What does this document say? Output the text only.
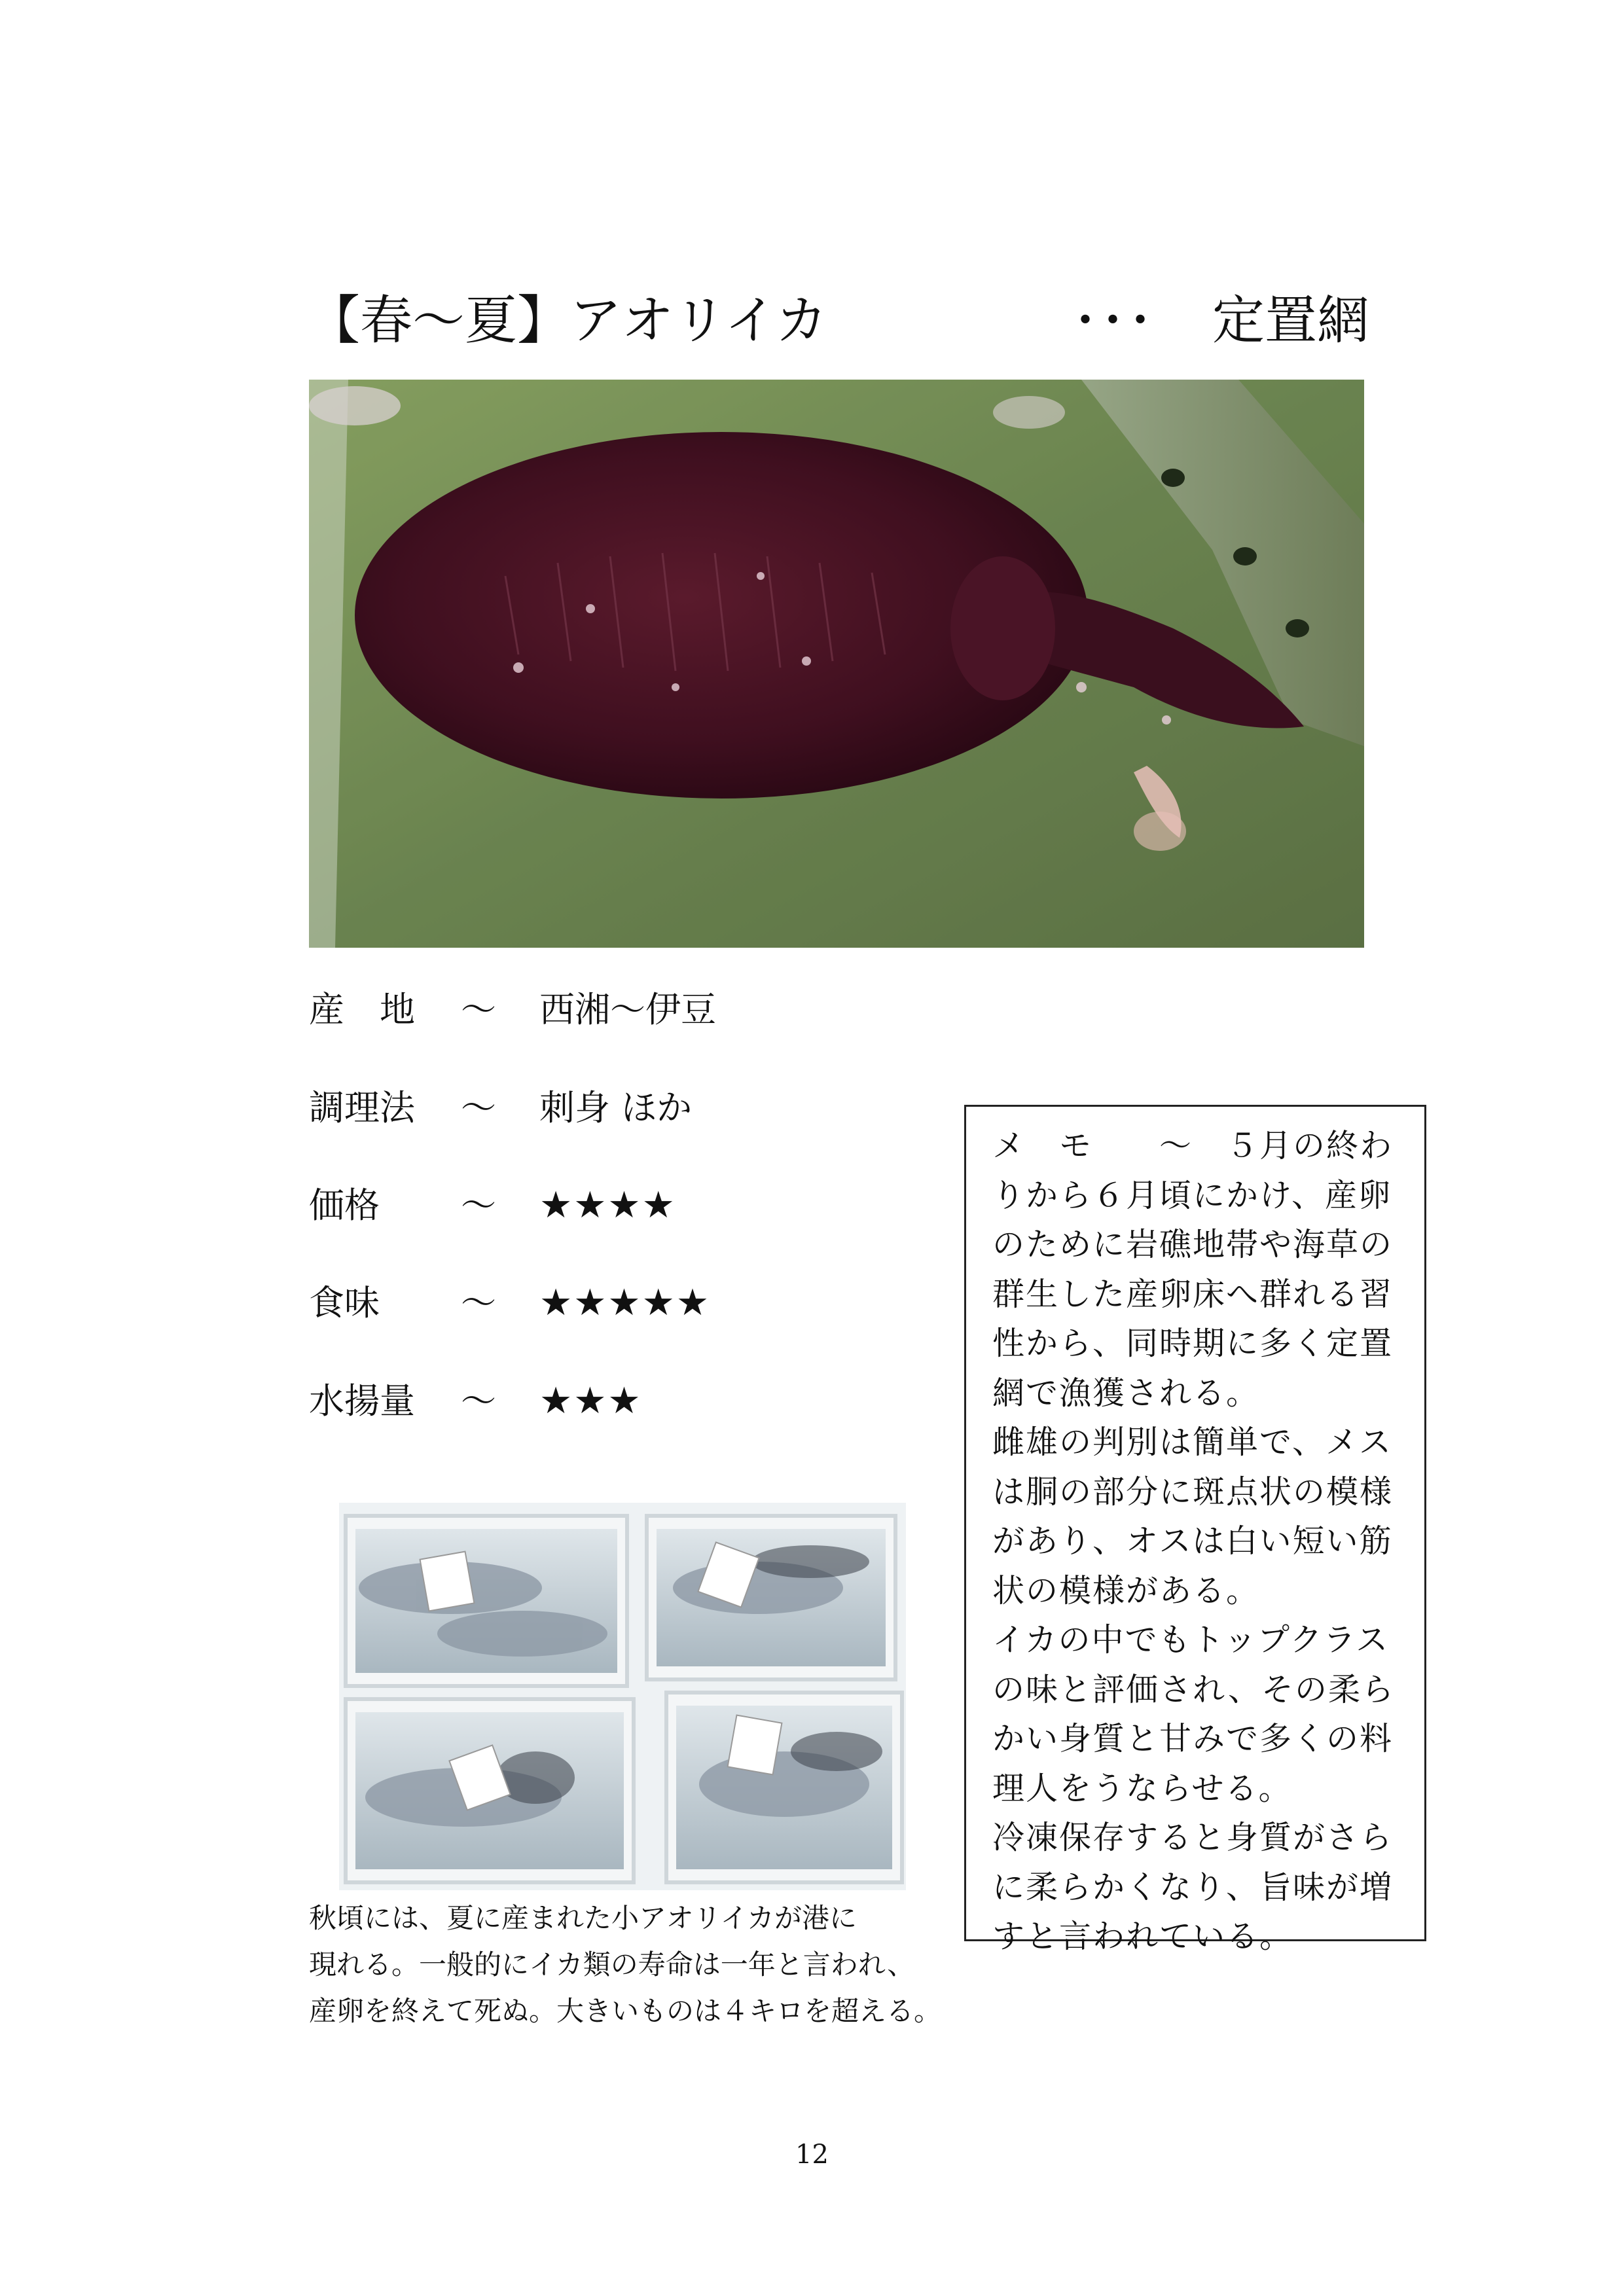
【春～夏】アオリイカ	･･･ 定置網
産　地 ～ 西湘～伊豆
調理法 ～ 刺身 ほか
価格 ～ ★★★★
食味 ～ ★★★★★
水揚量 ～ ★★★

メ　モ　　～　５月の終わりから６月頃にかけ、産卵のために岩礁地帯や海草の群生した産卵床へ群れる習性から、同時期に多く定置網で漁獲される。

雌雄の判別は簡単で、メスは胴の部分に斑点状の模様があり、オスは白い短い筋状の模様がある。

イカの中でもトップクラスの味と評価され、その柔らかい身質と甘みで多くの料理人をうならせる。

冷凍保存すると身質がさらに柔らかくなり、旨味が増すと言われている。

秋頃には、夏に産まれた小アオリイカが港に
現れる。一般的にイカ類の寿命は一年と言われ、
産卵を終えて死ぬ。大きいものは４キロを超える。
12
